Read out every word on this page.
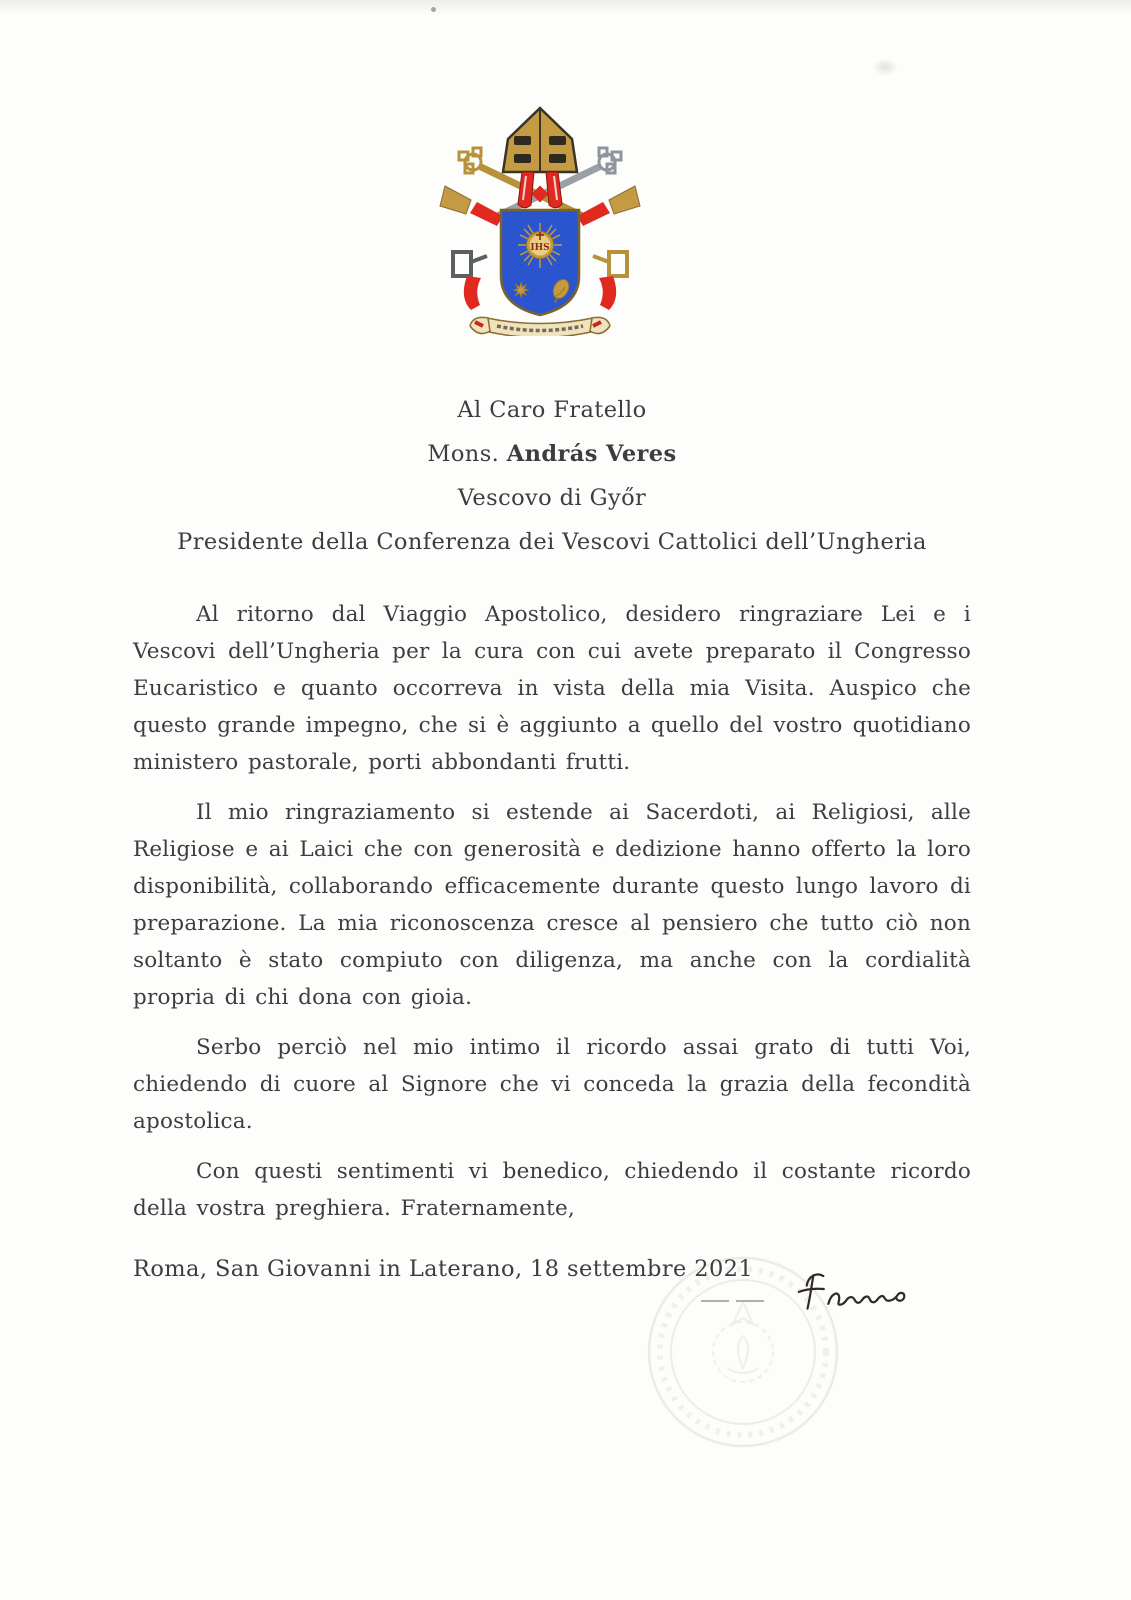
IHS
Al Caro Fratello
Mons. András Veres
Vescovo di Győr
Presidente della Conferenza dei Vescovi Cattolici dell’Ungheria

Al ritorno dal Viaggio Apostolico, desidero ringraziare Lei e i Vescovi dell’Ungheria per la cura con cui avete preparato il Congresso Eucaristico e quanto occorreva in vista della mia Visita. Auspico che questo grande impegno, che si è aggiunto a quello del vostro quotidiano ministero pastorale, porti abbondanti frutti.

Il mio ringraziamento si estende ai Sacerdoti, ai Religiosi, alle Religiose e ai Laici che con generosità e dedizione hanno offerto la loro disponibilità, collaborando efficacemente durante questo lungo lavoro di preparazione. La mia riconoscenza cresce al pensiero che tutto ciò non soltanto è stato compiuto con diligenza, ma anche con la cordialità propria di chi dona con gioia.

Serbo perciò nel mio intimo il ricordo assai grato di tutti Voi, chiedendo di cuore al Signore che vi conceda la grazia della fecondità apostolica.

Con questi sentimenti vi benedico, chiedendo il costante ricordo della vostra preghiera. Fraternamente,

Roma, San Giovanni in Laterano, 18 settembre 2021
